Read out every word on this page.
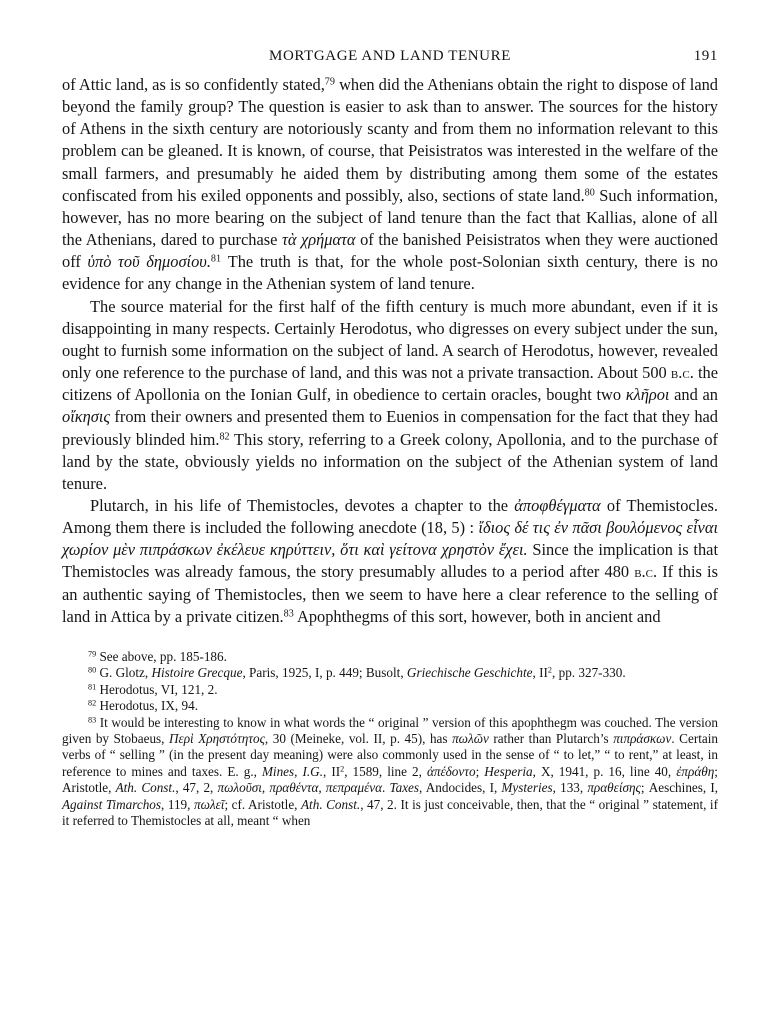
MORTGAGE AND LAND TENURE	191

of Attic land, as is so confidently stated,$^{79}$ when did the Athenians obtain the right to dispose of land beyond the family group? The question is easier to ask than to answer. The sources for the history of Athens in the sixth century are notoriously scanty and from them no information relevant to this problem can be gleaned. It is known, of course, that Peisistratos was interested in the welfare of the small farmers, and presumably he aided them by distributing among them some of the estates confiscated from his exiled opponents and possibly, also, sections of state land.$^{80}$ Such information, however, has no more bearing on the subject of land tenure than the fact that Kallias, alone of all the Athenians, dared to purchase τὰ χρήματα of the banished Peisistratos when they were auctioned off ὑπὸ τοῦ δημοσίου.$^{81}$ The truth is that, for the whole post-Solonian sixth century, there is no evidence for any change in the Athenian system of land tenure.

The source material for the first half of the fifth century is much more abundant, even if it is disappointing in many respects. Certainly Herodotus, who digresses on every subject under the sun, ought to furnish some information on the subject of land. A search of Herodotus, however, revealed only one reference to the purchase of land, and this was not a private transaction. About 500 b.c. the citizens of Apollonia on the Ionian Gulf, in obedience to certain oracles, bought two κλῆροι and an οἴκησις from their owners and presented them to Euenios in compensation for the fact that they had previously blinded him.$^{82}$ This story, referring to a Greek colony, Apollonia, and to the purchase of land by the state, obviously yields no information on the subject of the Athenian system of land tenure.

Plutarch, in his life of Themistocles, devotes a chapter to the ἀποφθέγματα of Themistocles. Among them there is included the following anecdote (18, 5) : ἴδιος δέ τις ἐν πᾶσι βουλόμενος εἶναι χωρίον μὲν πιπράσκων ἐκέλευε κηρύττειν, ὅτι καὶ γείτονα χρηστὸν ἔχει. Since the implication is that Themistocles was already famous, the story presumably alludes to a period after 480 b.c. If this is an authentic saying of Themistocles, then we seem to have here a clear reference to the selling of land in Attica by a private citizen.$^{83}$ Apophthegms of this sort, however, both in ancient and

$^{79}$ See above, pp. 185-186.

$^{80}$ G. Glotz, Histoire Grecque, Paris, 1925, I, p. 449; Busolt, Griechische Geschichte, $II^2$, pp. 327-330.

$^{81}$ Herodotus, VI, 121, 2.

$^{82}$ Herodotus, IX, 94.

$^{83}$ It would be interesting to know in what words the “ original ” version of this apophthegm was couched. The version given by Stobaeus, Περὶ Χρηστότητος, 30 (Meineke, vol. II, p. 45), has πωλῶν rather than Plutarch’s πιπράσκων. Certain verbs of “ selling ” (in the present day meaning) were also commonly used in the sense of “ to let,” “ to rent,” at least, in reference to mines and taxes. E. g., Mines, I.G., $II^2$, 1589, line 2, ἀπέδοντο; Hesperia, X, 1941, p. 16, line 40, ἐπράθη; Aristotle, Ath. Const., 47, 2, πωλοῦσι, πραθέντα, πεπραμένα. Taxes, Andocides, I, Mysteries, 133, πραθείσης; Aeschines, I, Against Timarchos, 119, πωλεῖ; cf. Aristotle, Ath. Const., 47, 2. It is just conceivable, then, that the “ original ” statement, if it referred to Themistocles at all, meant “ when
